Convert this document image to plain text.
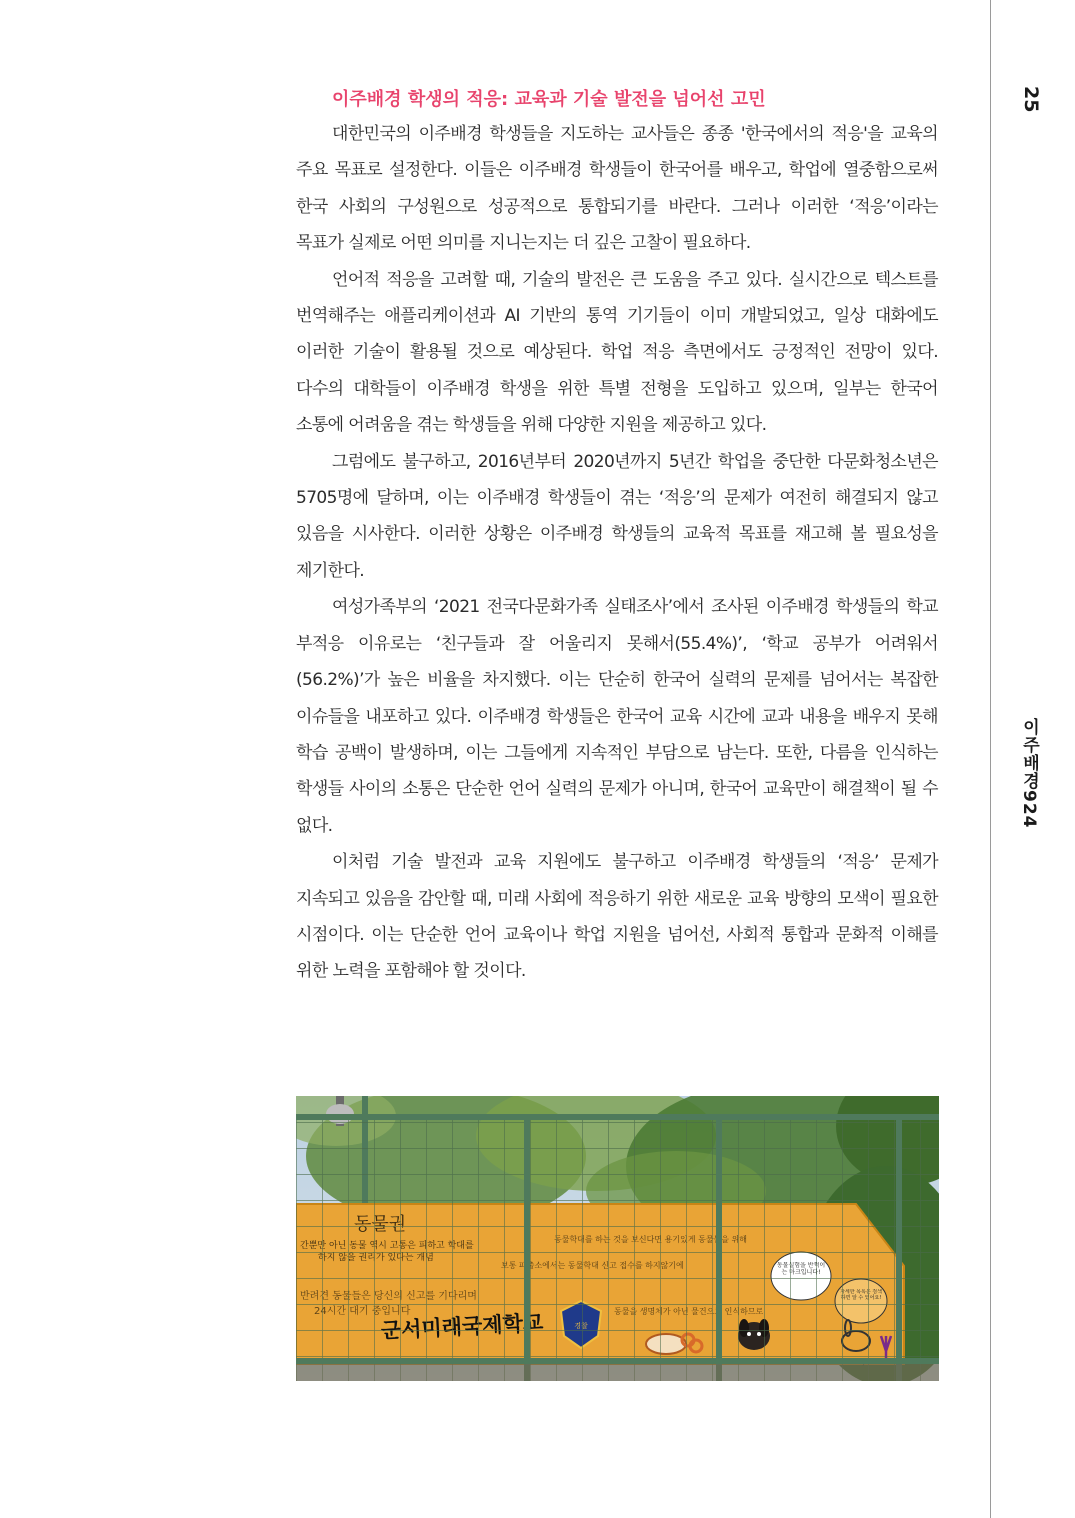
25
이주배경924
이주배경 학생의 적응: 교육과 기술 발전을 넘어선 고민

대한민국의 이주배경 학생들을 지도하는 교사들은 종종 '한국에서의 적응'을 교육의 주요 목표로 설정한다. 이들은 이주배경 학생들이 한국어를 배우고, 학업에 열중함으로써 한국 사회의 구성원으로 성공적으로 통합되기를 바란다. 그러나 이러한 ‘적응’이라는 목표가 실제로 어떤 의미를 지니는지는 더 깊은 고찰이 필요하다.

언어적 적응을 고려할 때, 기술의 발전은 큰 도움을 주고 있다. 실시간으로 텍스트를 번역해주는 애플리케이션과 AI 기반의 통역 기기들이 이미 개발되었고, 일상 대화에도 이러한 기술이 활용될 것으로 예상된다. 학업 적응 측면에서도 긍정적인 전망이 있다. 다수의 대학들이 이주배경 학생을 위한 특별 전형을 도입하고 있으며, 일부는 한국어 소통에 어려움을 겪는 학생들을 위해 다양한 지원을 제공하고 있다.

그럼에도 불구하고, 2016년부터 2020년까지 5년간 학업을 중단한 다문화청소년은 5705명에 달하며, 이는 이주배경 학생들이 겪는 ‘적응’의 문제가 여전히 해결되지 않고 있음을 시사한다. 이러한 상황은 이주배경 학생들의 교육적 목표를 재고해 볼 필요성을 제기한다.

여성가족부의 ‘2021 전국다문화가족 실태조사’에서 조사된 이주배경 학생들의 학교 부적응 이유로는 ‘친구들과 잘 어울리지 못해서(55.4%)’, ‘학교 공부가 어려워서(56.2%)’가 높은 비율을 차지했다. 이는 단순히 한국어 실력의 문제를 넘어서는 복잡한 이슈들을 내포하고 있다. 이주배경 학생들은 한국어 교육 시간에 교과 내용을 배우지 못해 학습 공백이 발생하며, 이는 그들에게 지속적인 부담으로 남는다. 또한, 다름을 인식하는 학생들 사이의 소통은 단순한 언어 실력의 문제가 아니며, 한국어 교육만이 해결책이 될 수 없다.

이처럼 기술 발전과 교육 지원에도 불구하고 이주배경 학생들의 ‘적응’ 문제가 지속되고 있음을 감안할 때, 미래 사회에 적응하기 위한 새로운 교육 방향의 모색이 필요한 시점이다. 이는 단순한 언어 교육이나 학업 지원을 넘어선, 사회적 통합과 문화적 이해를 위한 노력을 포함해야 할 것이다.
